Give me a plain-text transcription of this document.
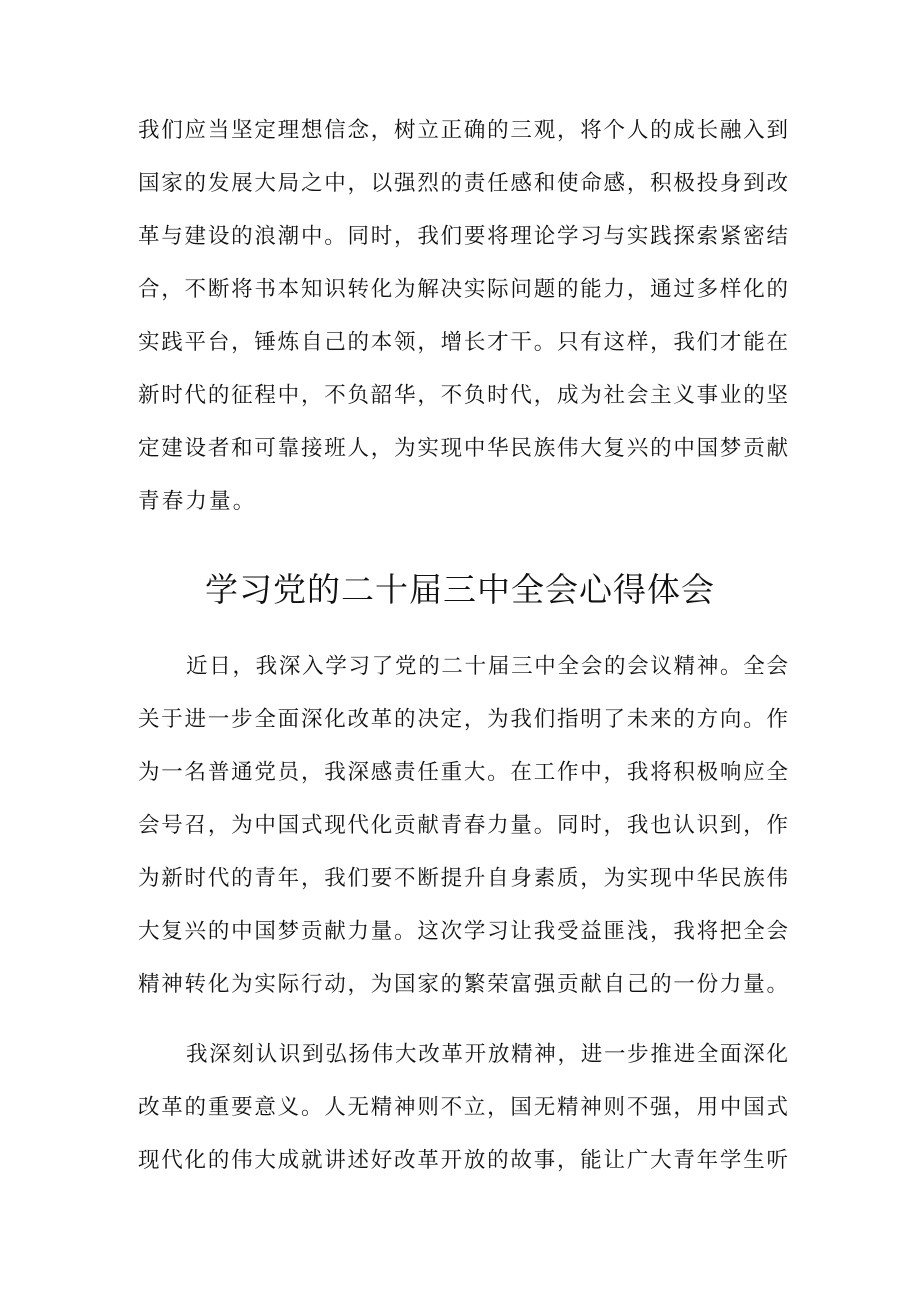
我们应当坚定理想信念，树立正确的三观，将个人的成长融入到
国家的发展大局之中，以强烈的责任感和使命感，积极投身到改
革与建设的浪潮中。同时，我们要将理论学习与实践探索紧密结
合，不断将书本知识转化为解决实际问题的能力，通过多样化的
实践平台，锤炼自己的本领，增长才干。只有这样，我们才能在
新时代的征程中，不负韶华，不负时代，成为社会主义事业的坚
定建设者和可靠接班人，为实现中华民族伟大复兴的中国梦贡献
青春力量。
学习党的二十届三中全会心得体会
近日，我深入学习了党的二十届三中全会的会议精神。全会
关于进一步全面深化改革的决定，为我们指明了未来的方向。作
为一名普通党员，我深感责任重大。在工作中，我将积极响应全
会号召，为中国式现代化贡献青春力量。同时，我也认识到，作
为新时代的青年，我们要不断提升自身素质，为实现中华民族伟
大复兴的中国梦贡献力量。这次学习让我受益匪浅，我将把全会
精神转化为实际行动，为国家的繁荣富强贡献自己的一份力量。
我深刻认识到弘扬伟大改革开放精神，进一步推进全面深化
改革的重要意义。人无精神则不立，国无精神则不强，用中国式
现代化的伟大成就讲述好改革开放的故事，能让广大青年学生听
